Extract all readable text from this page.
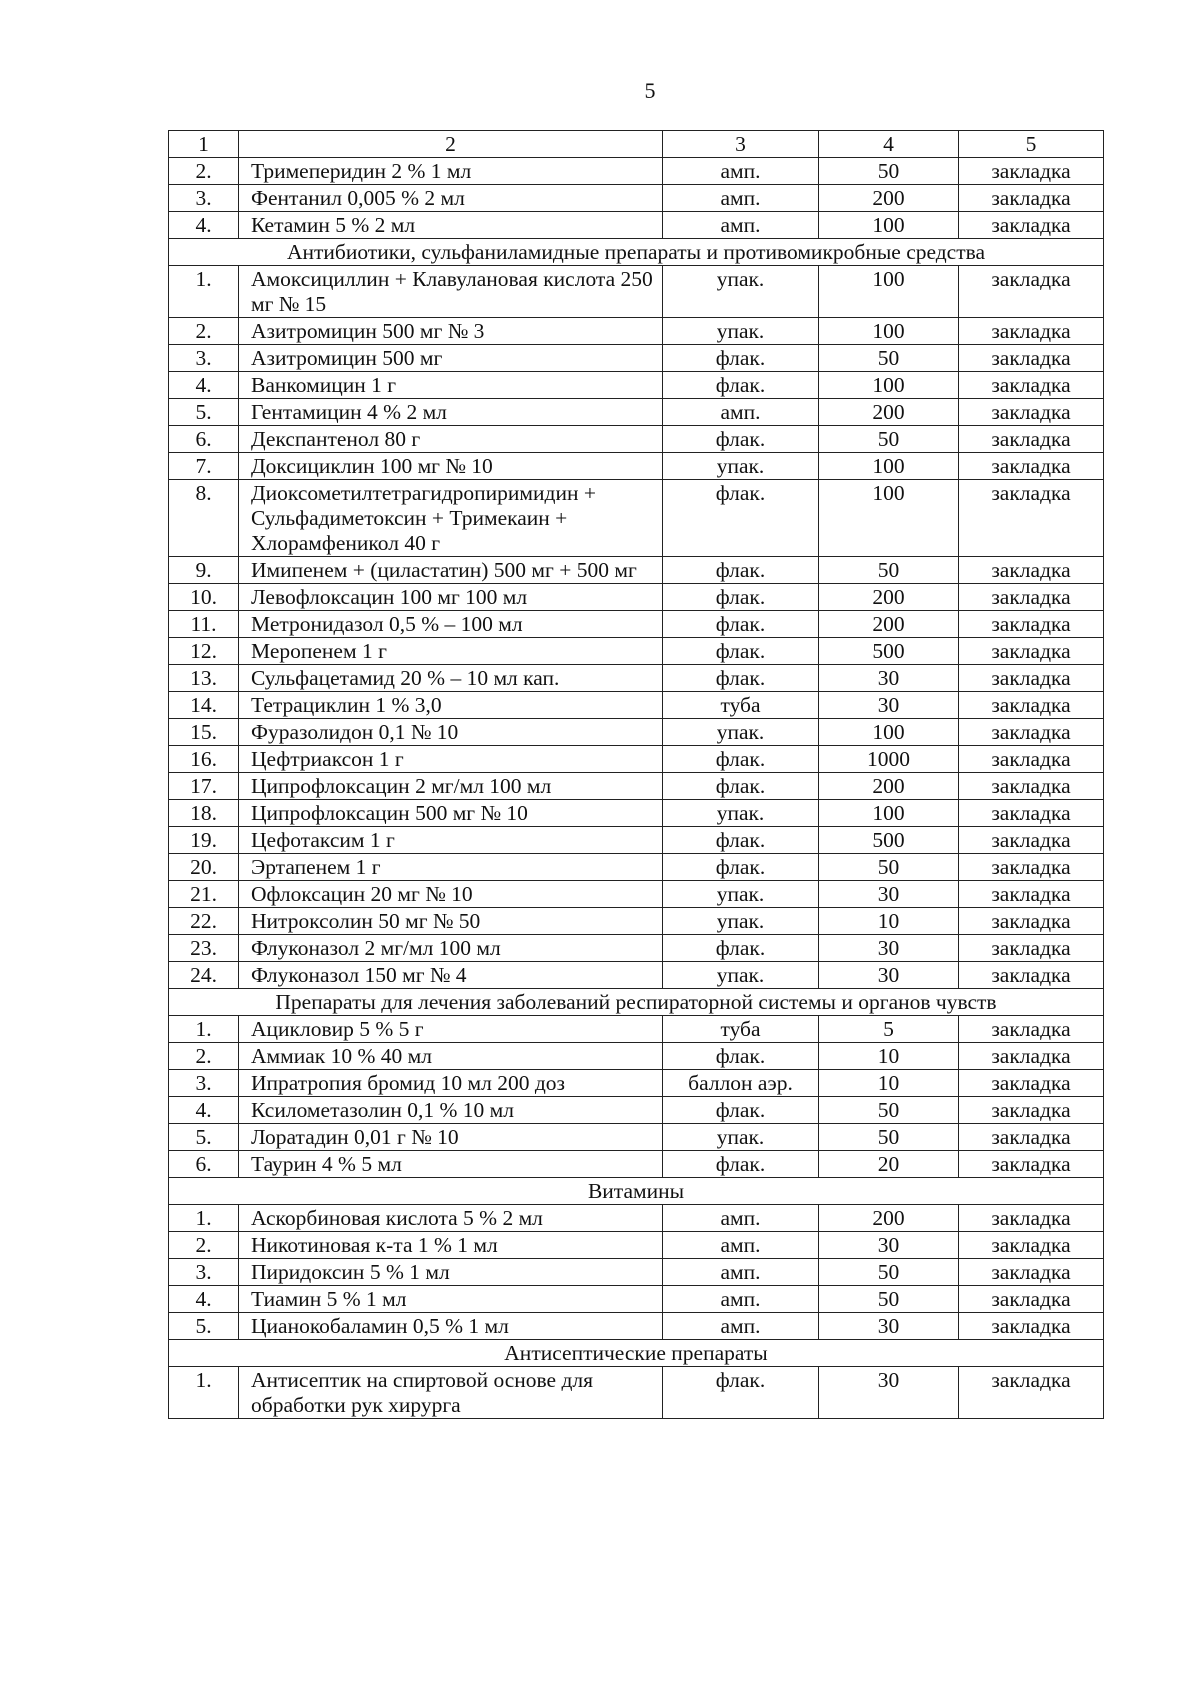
5
1	2	3	4	5
2.	Тримеперидин 2 % 1 мл	амп.	50	закладка
3.	Фентанил 0,005 % 2 мл	амп.	200	закладка
4.	Кетамин 5 % 2 мл	амп.	100	закладка
Антибиотики, сульфаниламидные препараты и противомикробные средства				
1.	Амоксициллин + Клавулановая кислота 250 мг № 15	упак.	100	закладка
2.	Азитромицин 500 мг № 3	упак.	100	закладка
3.	Азитромицин 500 мг	флак.	50	закладка
4.	Ванкомицин 1 г	флак.	100	закладка
5.	Гентамицин 4 % 2 мл	амп.	200	закладка
6.	Декспантенол 80 г	флак.	50	закладка
7.	Доксициклин 100 мг № 10	упак.	100	закладка
8.	Диоксометилтетрагидропиримидин + Сульфадиметоксин + Тримекаин + Хлорамфеникол 40 г	флак.	100	закладка
9.	Имипенем + (циластатин) 500 мг + 500 мг	флак.	50	закладка
10.	Левофлоксацин 100 мг 100 мл	флак.	200	закладка
11.	Метронидазол 0,5 % – 100 мл	флак.	200	закладка
12.	Меропенем 1 г	флак.	500	закладка
13.	Сульфацетамид 20 % – 10 мл кап.	флак.	30	закладка
14.	Тетрациклин 1 % 3,0	туба	30	закладка
15.	Фуразолидон 0,1 № 10	упак.	100	закладка
16.	Цефтриаксон 1 г	флак.	1000	закладка
17.	Ципрофлоксацин 2 мг/мл 100 мл	флак.	200	закладка
18.	Ципрофлоксацин 500 мг № 10	упак.	100	закладка
19.	Цефотаксим 1 г	флак.	500	закладка
20.	Эртапенем 1 г	флак.	50	закладка
21.	Офлоксацин 20 мг № 10	упак.	30	закладка
22.	Нитроксолин 50 мг № 50	упак.	10	закладка
23.	Флуконазол 2 мг/мл 100 мл	флак.	30	закладка
24.	Флуконазол 150 мг № 4	упак.	30	закладка
Препараты для лечения заболеваний респираторной системы и органов чувств				
1.	Ацикловир 5 % 5 г	туба	5	закладка
2.	Аммиак 10 % 40 мл	флак.	10	закладка
3.	Ипратропия бромид 10 мл 200 доз	баллон аэр.	10	закладка
4.	Ксилометазолин 0,1 % 10 мл	флак.	50	закладка
5.	Лоратадин 0,01 г № 10	упак.	50	закладка
6.	Таурин 4 % 5 мл	флак.	20	закладка
Витамины				
1.	Аскорбиновая кислота 5 % 2 мл	амп.	200	закладка
2.	Никотиновая к-та 1 % 1 мл	амп.	30	закладка
3.	Пиридоксин 5 % 1 мл	амп.	50	закладка
4.	Тиамин 5 % 1 мл	амп.	50	закладка
5.	Цианокобаламин 0,5 % 1 мл	амп.	30	закладка
Антисептические препараты				
1.	Антисептик на спиртовой основе для обработки рук хирурга	флак.	30	закладка
